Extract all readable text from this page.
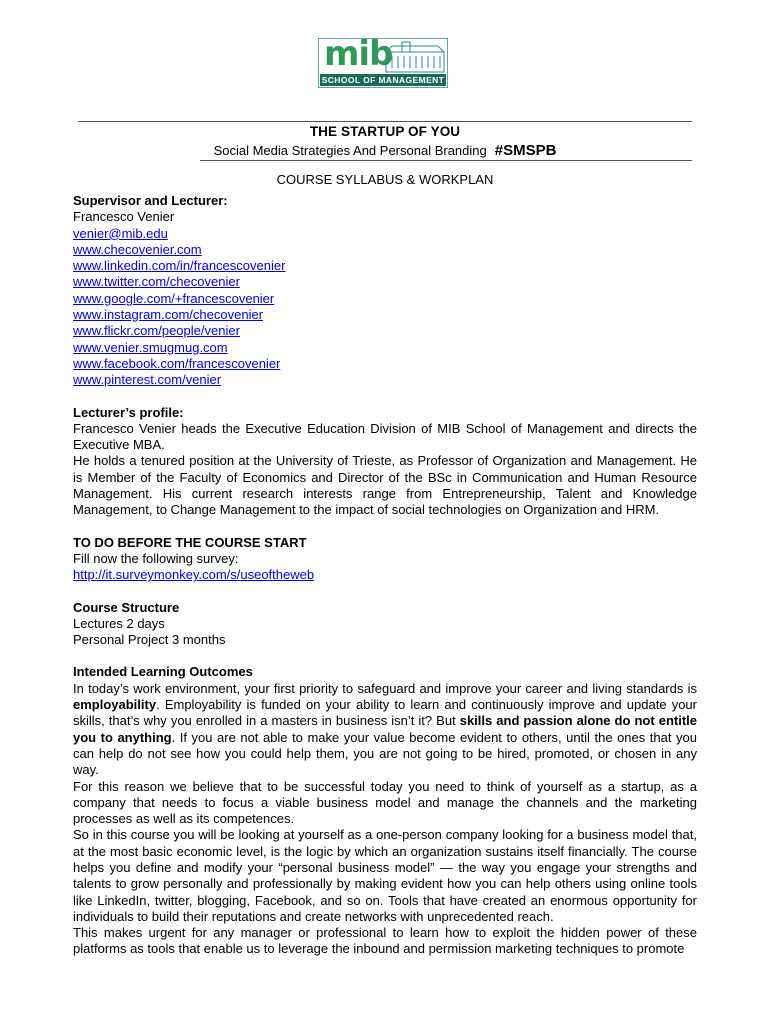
mib
SCHOOL OF MANAGEMENT
THE STARTUP OF YOU
Social Media Strategies And Personal Branding #SMSPB
COURSE SYLLABUS & WORKPLAN

Supervisor and Lecturer:

Francesco Venier

venier@mib.edu
www.checovenier.com
www.linkedin.com/in/francescovenier
www.twitter.com/checovenier
www.google.com/+francescovenier
www.instagram.com/checovenier
www.flickr.com/people/venier
www.venier.smugmug.com
www.facebook.com/francescovenier
www.pinterest.com/venier

Lecturer’s profile:

Francesco Venier heads the Executive Education Division of MIB School of Management and directs the Executive MBA.

He holds a tenured position at the University of Trieste, as Professor of Organization and Management. He is Member of the Faculty of Economics and Director of the BSc in Communication and Human Resource Management. His current research interests range from Entrepreneurship, Talent and Knowledge Management, to Change Management to the impact of social technologies on Organization and HRM.

TO DO BEFORE THE COURSE START

Fill now the following survey:

http://it.surveymonkey.com/s/useoftheweb

Course Structure

Lectures 2 days

Personal Project 3 months

Intended Learning Outcomes

In today’s work environment, your first priority to safeguard and improve your career and living standards is employability. Employability is funded on your ability to learn and continuously improve and update your skills, that’s why you enrolled in a masters in business isn’t it? But skills and passion alone do not entitle you to anything. If you are not able to make your value become evident to others, until the ones that you can help do not see how you could help them, you are not going to be hired, promoted, or chosen in any way.

For this reason we believe that to be successful today you need to think of yourself as a startup, as a company that needs to focus a viable business model and manage the channels and the marketing processes as well as its competences.

So in this course you will be looking at yourself as a one-person company looking for a business model that, at the most basic economic level, is the logic by which an organization sustains itself financially. The course helps you define and modify your “personal business model” — the way you engage your strengths and talents to grow personally and professionally by making evident how you can help others using online tools like LinkedIn, twitter, blogging, Facebook, and so on. Tools that have created an enormous opportunity for individuals to build their reputations and create networks with unprecedented reach.

This makes urgent for any manager or professional to learn how to exploit the hidden power of these platforms as tools that enable us to leverage the inbound and permission marketing techniques to promote
